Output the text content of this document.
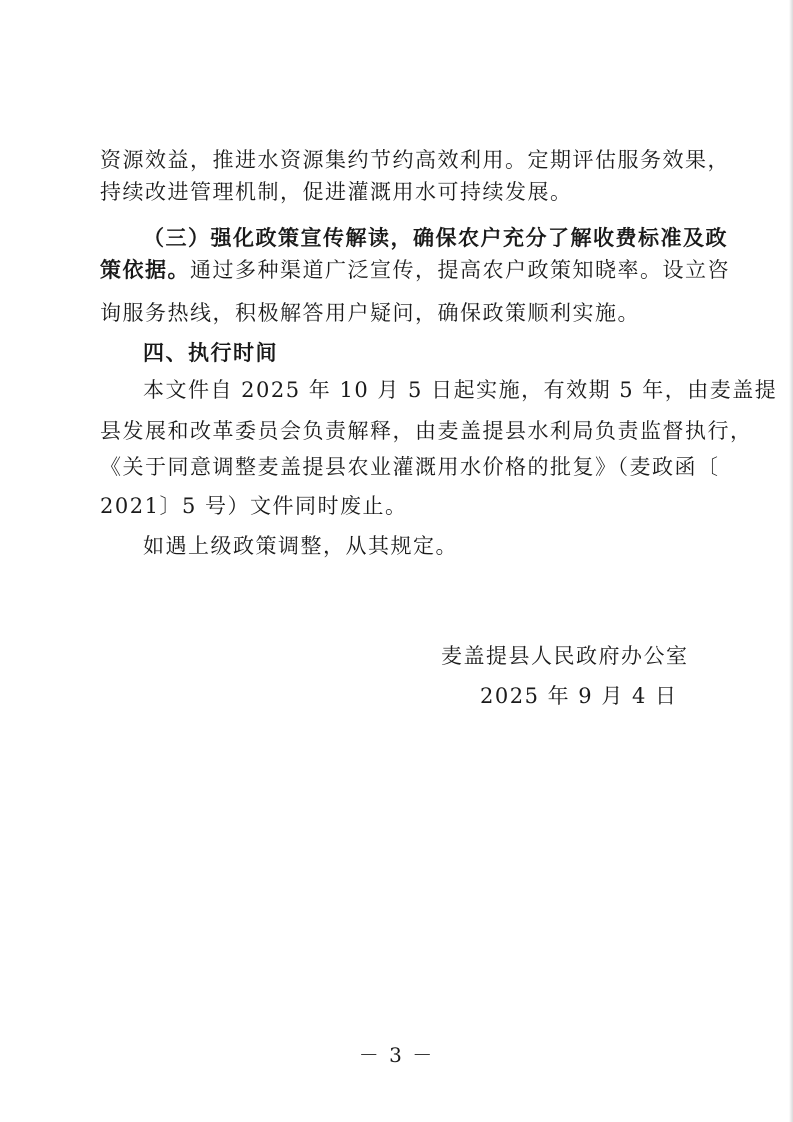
资源效益，推进水资源集约节约高效利用。定期评估服务效果，
持续改进管理机制，促进灌溉用水可持续发展。
（三）强化政策宣传解读，确保农户充分了解收费标准及政
策依据。通过多种渠道广泛宣传，提高农户政策知晓率。设立咨
询服务热线，积极解答用户疑问，确保政策顺利实施。
四、执行时间
本文件自 2025 年 10 月 5 日起实施，有效期 5 年，由麦盖提
县发展和改革委员会负责解释，由麦盖提县水利局负责监督执行，
《关于同意调整麦盖提县农业灌溉用水价格的批复》（麦政函〔
2021〕5 号）文件同时废止。
如遇上级政策调整，从其规定。
麦盖提县人民政府办公室
2025 年 9 月 4 日
－ 3 －
